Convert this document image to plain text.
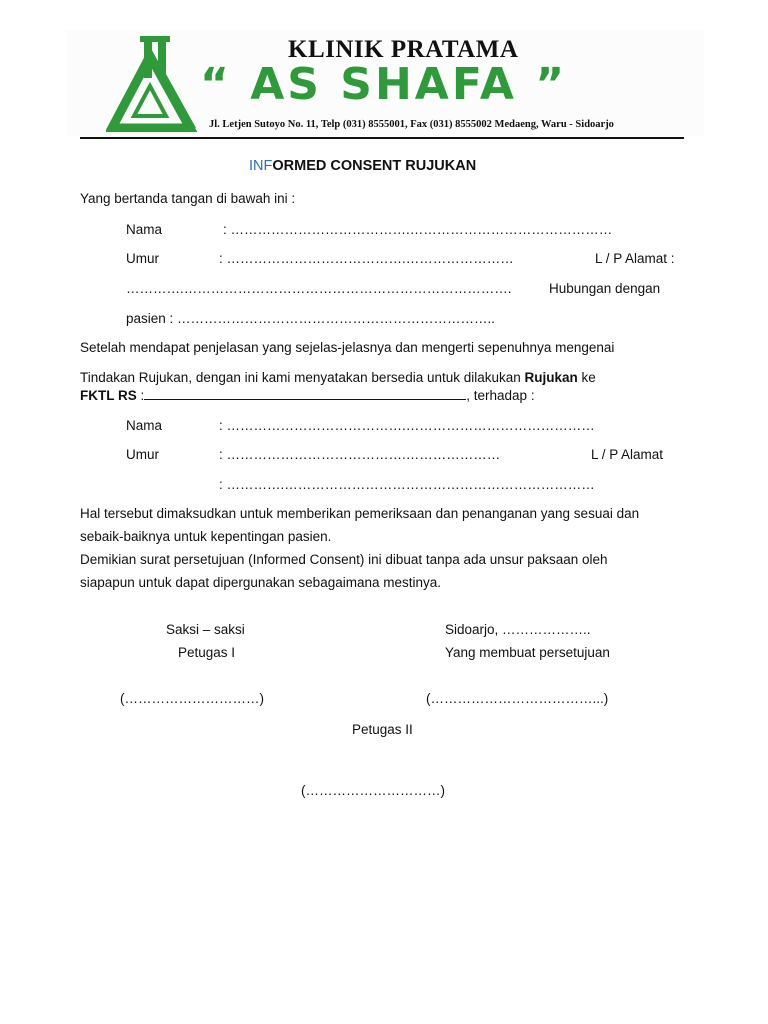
KLINIK PRATAMA
“ AS SHAFA ”
Jl. Letjen Sutoyo No. 11, Telp (031) 8555001, Fax (031) 8555002 Medaeng, Waru - Sidoarjo
INFORMED CONSENT RUJUKAN
Yang bertanda tangan di bawah ini :
Nama	: ………………………………….………………………………………
Umur	: ………………………………….……………………	L / P Alamat :
………….……………………………………………………………….	Hubungan dengan
pasien : ……………………………………………………………..
Setelah mendapat penjelasan yang sejelas-jelasnya dan mengerti sepenuhnya mengenai
Tindakan Rujukan, dengan ini kami menyatakan bersedia untuk dilakukan Rujukan ke
FKTL RS :	, terhadap :
Nama	: ………………………………….……………………………………
Umur	: ………………………………….…………………	L / P Alamat
: ………….……………………………………………………………
Hal tersebut dimaksudkan untuk memberikan pemeriksaan dan penanganan yang sesuai dan
sebaik-baiknya untuk kepentingan pasien.
Demikian surat persetujuan (Informed Consent) ini dibuat tanpa ada unsur paksaan oleh
siapapun untuk dapat dipergunakan sebagaimana mestinya.
Saksi – saksi
Petugas I
Sidoarjo, ………………..
Yang membuat persetujuan
(…………………………)	(………………………………...)
Petugas II
(…………………………)
